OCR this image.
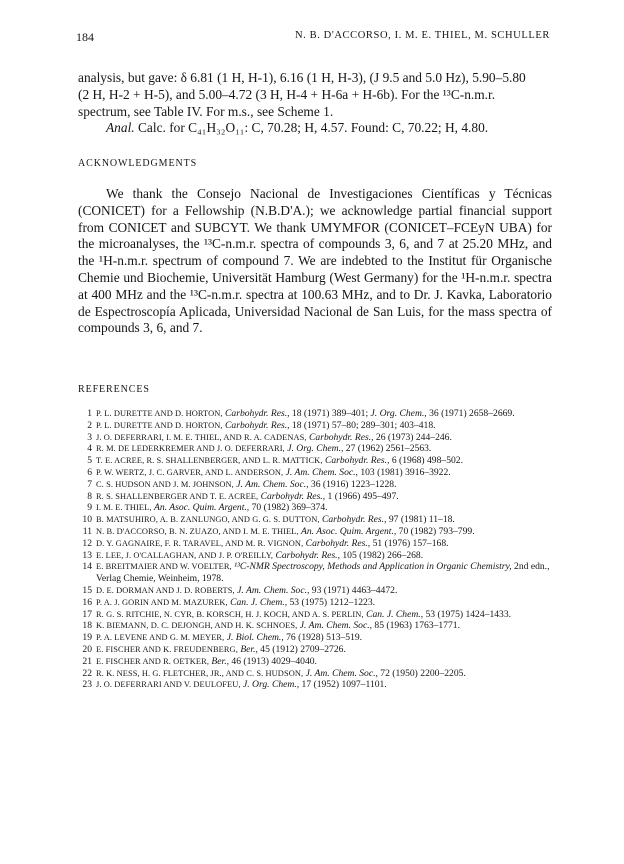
184	N. B. D'ACCORSO, I. M. E. THIEL, M. SCHULLER

analysis, but gave: δ 6.81 (1 H, H-1), 6.16 (1 H, H-3), (J 9.5 and 5.0 Hz), 5.90–5.80

(2 H, H-2 + H-5), and 5.00–4.72 (3 H, H-4 + H-6a + H-6b). For the ¹³C-n.m.r.

spectrum, see Table IV. For m.s., see Scheme 1.

Anal. Calc. for C₄₁H₃₂O₁₁: C, 70.28; H, 4.57. Found: C, 70.22; H, 4.80.

ACKNOWLEDGMENTS

We thank the Consejo Nacional de Investigaciones Científicas y Técnicas (CONICET) for a Fellowship (N.B.D'A.); we acknowledge partial financial support from CONICET and SUBCYT. We thank UMYMFOR (CONICET–FCEyN UBA) for the microanalyses, the ¹³C-n.m.r. spectra of compounds 3, 6, and 7 at 25.20 MHz, and the ¹H-n.m.r. spectrum of compound 7. We are indebted to the Institut für Organische Chemie und Biochemie, Universität Hamburg (West Germany) for the ¹H-n.m.r. spectra at 400 MHz and the ¹³C-n.m.r. spectra at 100.63 MHz, and to Dr. J. Kavka, Laboratorio de Espectroscopía Aplicada, Universidad Nacional de San Luis, for the mass spectra of compounds 3, 6, and 7.

REFERENCES

1 P. L. DURETTE AND D. HORTON, Carbohydr. Res., 18 (1971) 389–401; J. Org. Chem., 36 (1971) 2658–2669.
2 P. L. DURETTE AND D. HORTON, Carbohydr. Res., 18 (1971) 57–80; 289–301; 403–418.
3 J. O. DEFERRARI, I. M. E. THIEL, AND R. A. CADENAS, Carbohydr. Res., 26 (1973) 244–246.
4 R. M. DE LEDERKREMER AND J. O. DEFERRARI, J. Org. Chem., 27 (1962) 2561–2563.
5 T. E. ACREE, R. S. SHALLENBERGER, AND L. R. MATTICK, Carbohydr. Res., 6 (1968) 498–502.
6 P. W. WERTZ, J. C. GARVER, AND L. ANDERSON, J. Am. Chem. Soc., 103 (1981) 3916–3922.
7 C. S. HUDSON AND J. M. JOHNSON, J. Am. Chem. Soc., 36 (1916) 1223–1228.
8 R. S. SHALLENBERGER AND T. E. ACREE, Carbohydr. Res., 1 (1966) 495–497.
9 I. M. E. THIEL, An. Asoc. Quim. Argent., 70 (1982) 369–374.
10 B. MATSUHIRO, A. B. ZANLUNGO, AND G. G. S. DUTTON, Carbohydr. Res., 97 (1981) 11–18.
11 N. B. D'ACCORSO, B. N. ZUAZO, AND I. M. E. THIEL, An. Asoc. Quim. Argent., 70 (1982) 793–799.
12 D. Y. GAGNAIRE, F. R. TARAVEL, AND M. R. VIGNON, Carbohydr. Res., 51 (1976) 157–168.
13 E. LEE, J. O'CALLAGHAN, AND J. P. O'REILLY, Carbohydr. Res., 105 (1982) 266–268.
14 E. BREITMAIER AND W. VOELTER, ¹³C-NMR Spectroscopy, Methods and Application in Organic Chemistry, 2nd edn., Verlag Chemie, Weinheim, 1978.
15 D. E. DORMAN AND J. D. ROBERTS, J. Am. Chem. Soc., 93 (1971) 4463–4472.
16 P. A. J. GORIN AND M. MAZUREK, Can. J. Chem., 53 (1975) 1212–1223.
17 R. G. S. RITCHIE, N. CYR, B. KORSCH, H. J. KOCH, AND A. S. PERLIN, Can. J. Chem., 53 (1975) 1424–1433.
18 K. BIEMANN, D. C. DEJONGH, AND H. K. SCHNOES, J. Am. Chem. Soc., 85 (1963) 1763–1771.
19 P. A. LEVENE AND G. M. MEYER, J. Biol. Chem., 76 (1928) 513–519.
20 E. FISCHER AND K. FREUDENBERG, Ber., 45 (1912) 2709–2726.
21 E. FISCHER AND R. OETKER, Ber., 46 (1913) 4029–4040.
22 R. K. NESS, H. G. FLETCHER, JR., AND C. S. HUDSON, J. Am. Chem. Soc., 72 (1950) 2200–2205.
23 J. O. DEFERRARI AND V. DEULOFEU, J. Org. Chem., 17 (1952) 1097–1101.
